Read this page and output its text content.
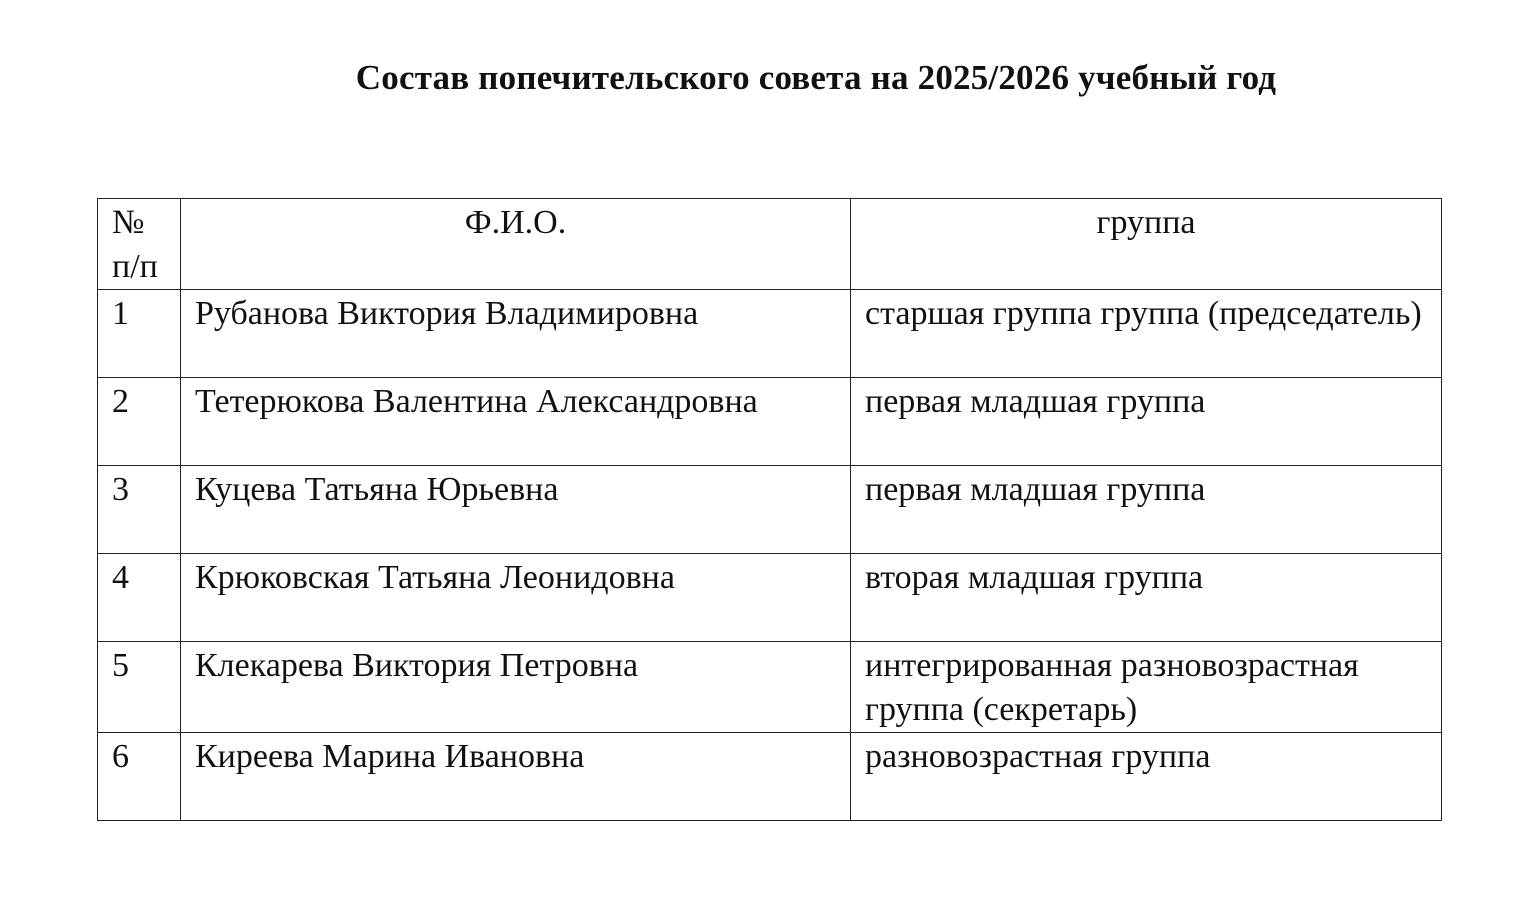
Состав попечительского совета на 2025/2026 учебный год
№ п/п	Ф.И.О.	группа
1	Рубанова Виктория Владимировна	старшая группа группа (председатель)
2	Тетерюкова Валентина Александровна	первая младшая группа
3	Куцева Татьяна Юрьевна	первая младшая группа
4	Крюковская Татьяна Леонидовна	вторая младшая группа
5	Клекарева Виктория Петровна	интегрированная разновозрастная группа (секретарь)
6	Киреева Марина Ивановна	разновозрастная группа
